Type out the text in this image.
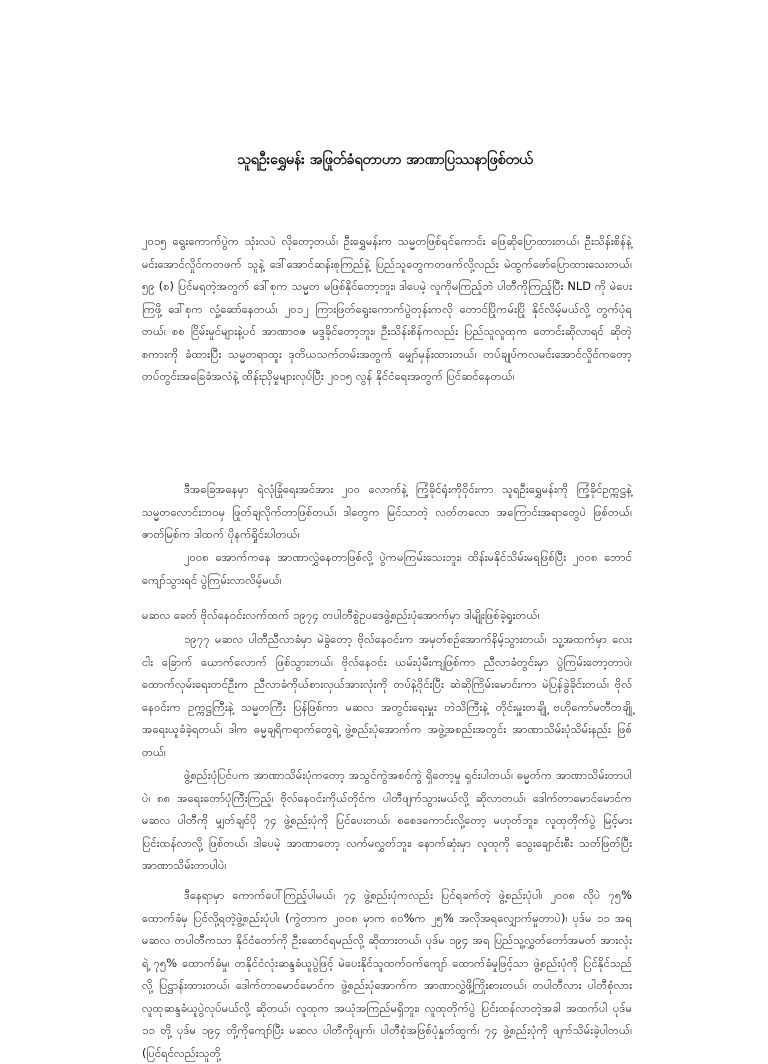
သူရဦးရွှေမန်း အဖြုတ်ခံရတာဟာ အာဏာပြဿနာဖြစ်တယ်

၂၀၁၅ ရွေးကောက်ပွဲက သုံးလပဲ လိုတော့တယ်၊ ဦးရွှေမန်းက သမ္မတဖြစ်ရင်ကောင်း ဖြေဆိုပြောထားတယ်၊ ဦးသိန်းစိန်နဲ့ မင်းအောင်လှိုင်ကတဖက် သူနဲ့ ဒေါ်အောင်ဆန်းစုကြည်နဲ့ ပြည်သူတွေကတဖက်လို့လည်း မဲထွက်ဖော်ပြောထားသေးတယ်၊ ၅၉ (စ) ပြင်မရတဲ့အတွက် ဒေါ်စုက သမ္မတ မဖြစ်နိုင်တော့ဘူး၊ ဒါပေမဲ့ လူကိုမကြည့်ဘဲ ပါတီကိုကြည့်ပြီး NLD ကို မဲပေးကြဖို့ ဒေါ်စုက လှုံ့ဆော်နေတယ်၊ ၂၀၁၂ ကြားဖြတ်ရွေးကောက်ပွဲတုန်းကလို တောင်ပြိုကမ်းပြို နိုင်လိမ့်မယ်လို့ တွက်ပုံရတယ်၊ စစ ငြိမ်းမှုင်များနဲ့ပင် အာဏာဝဇ မဒ္ဒခိုင်တော့ဘူး၊ ဦးသိန်းစိန်ကလည်း ပြည်သူလူထုက တောင်းဆိုလာရင် ဆိုတဲ့စကားကို ခံထားပြီး သမ္မတရာထူး ဒုတိယသက်တမ်းအတွက် မျှော်မှန်းထားတယ်၊ တပ်ချုပ်ကလမင်းအောင်လှိုင်ကတော့ တပ်တွင်းအခြေခံအလံနဲ့ ထိန်းညှိမှုများလုပ်ပြီး ၂၀၁၅ လွန် နိုင်ငံရေးအတွက် ပြင်ဆင်နေတယ်၊

ဒီအခြေအနေမှာ ရဲလုံခြုံရေးအင်အား ၂၀၀ လောက်နဲ့ ကြံ့ခိုင်ရုံးကိုဝိုင်းကာ သူရဦးရွှေမန်းကို ကြံ့ခိုင်ဥက္ကဋ္ဌနဲ့ သမ္မတလောင်းဘဝမှ ဖြုတ်ချလိုက်တာဖြစ်တယ်၊ ဒါတွေက မြင်သာတဲ့ လတ်တလော အကြောင်းအရာတွေပဲ ဖြစ်တယ်၊ ဇာတ်မြစ်က ဒါထက် ပိုနက်ရှိုင်းပါတယ်၊

၂၀၀၈ အောက်ကနေ အာဏာလွှဲနေတာဖြစ်လို့ ပွဲကမကြမ်းသေးဘူး၊ ထိန်းမနိုင်သိမ်းမရဖြစ်ပြီး ၂၀၀၈ ဘောင်ကျော်သွားရင် ပွဲကြမ်းလာလိမ့်မယ်၊

မဆလ ခေတ် ဗိုလ်နေဝင်းလက်ထက် ၁၉၇၄ တပါတီစွဲဥပဒေဖွဲ့စည်းပုံအောက်မှာ ဒါမျိုးဖြစ်ခဲ့ရှုးတယ်၊

၁၉၇၇ မဆလ ပါတီညီလာခံမှာ မဲခွဲတော့ ဗိုလ်နေဝင်းက အမှတ်စဉ်အောက်နိမ့်သွားတယ်၊ သူ့အထက်မှာ လေး ငါး ခြောက် ယောက်လောက် ဖြစ်သွားတယ်၊ ဗိုလ်နေဝင်း ယမ်းပုံမီးကျဖြစ်ကာ ညီလာခံတွင်းမှာ ပွဲကြမ်းတော့တာပဲ၊ ထောက်လှမ်းရေးတင်ဦးက ညီလာခံကိုယ်စားလှယ်အားလုံးကို တပ်နဲ့ဝိုင်းပြီး ဆဲဆိုကြိမ်းမောင်းကာ မဲပြန်ခွဲခိုင်းတယ်၊ ဗိုလ်နေဝင်းက ဥက္ကဋ္ဌကြီးနဲ့ သမ္မတကြီး ပြန်ဖြစ်ကာ မဆလ အတွင်းရေးမှူး တဲသိကြီးနဲ့ တိုင်းမှူးတချို့ ဗဟိုကော်မတီတချို့ အရေးယူခံခဲ့ရတယ်၊ ဒါက ဓမ္မချရိကရာက်တွေရဲ့ ဖွဲ့စည်းပုံအောက်က အဖွဲ့အစည်းအတွင်း အာဏာသိမ်းပုံသိမ်းနည်း ဖြစ်တယ်၊

ဖွဲ့စည်းပုံပြင်ပက အာဏာသိမ်းပုံကတော့ အသွင်ကွဲအစင်ကွဲ ရှိတော့မှု ရှင်းပါတယ်၊ ဓမ္မတ်က အာဏာသိမ်းတာပါပဲ၊ ၈၈ အရေးတော်ပုံကြီးကြည့်၊ ဗိုလ်နေဝင်းကိုယ်တိုင်က ပါတီဖျက်သွားမယ်လို့ ဆိုလာတယ်၊ ဒေါက်တာမောင်မောင်က မဆလ ပါတီကို မျှတ်ချင်ပို ၇၄ ဖွဲ့စည်းပုံကို ပြင်ပေးတယ်၊ စစေဒကောင်းလို့တော့ မဟုတ်ဘူး၊ လူထုတိုက်ပွဲ မြင့်မားပြင်းထန်လာလို့ ဖြစ်တယ်၊ ဒါပေမဲ့ အာဏာတော့ လက်မလွှတ်ဘူး၊ နောက်ဆုံးမှာ လူထုကို သွေးချောင်းစီး သတ်ဖြတ်ပြီး အာဏာသိမ်းတာပါပဲ၊

ဒီနေရာမှာ ကောက်ပေါ်ကြည့်ပါမယ်၊ ၇၄ ဖွဲ့စည်းပုံကလည်း ပြင်ရခက်တဲ့ ဖွဲ့စည်းပုံပါ၊ ၂၀၀၈ လိုပဲ ၇၅% ထောက်ခံမှ ပြင်လို့ရတဲ့ဖွဲ့စည်းပုံပါ၊ (ကွဲတာက ၂၀၀၈ မှာက ၈ဝ%က ၂၅% အလိုအရလျှောက်မှုတာပဲ)၊ ပုဒ်မ ၁၁ အရ မဆလ တပါတီကသာ နိုင်ငံတော်ကို ဦးဆောင်ရမည်လို့ ဆိုထားတယ်၊ ပုဒ်မ ၁၉၄ အရ ပြည်သူ့လွှတ်တော်အမတ် အားလုံးရဲ့ ၇၅% ထောက်ခံမှု၊ တနိုင်ငံလုံးဆန္ဒခံယူပွဲဖြင့် မဲပေးနိုင်သူထက်ဝက်ကျော် ထောက်ခံမှုဖြင့်သာ ဖွဲ့စည်းပုံကို ပြင်နိုင်သည်လို့ ပြဋ္ဌာန်းထားတယ်၊ ဒေါက်တာမောင်မောင်က ဖွဲ့စည်းပုံအောက်က အာဏာလွှဲဖို့ကြိုးစားတယ်၊ တပါတီလား ပါတီစုံလား လူထုဆန္ဒခံယူပွဲလုပ်မယ်လို့ ဆိုတယ်၊ လူထုက အယုံအကြည်မရှိဘူး၊ လူထုတိုက်ပွဲ ပြင်းထန်လာတဲ့အခါ အထက်ပါ ပုဒ်မ ၁၁ တို့ ပုဒ်မ ၁၉၄ တို့ကိုကျော်ပြီး မဆလ ပါတီကိုဖျက်၊ ပါတီစုံအဖြစ်ပုံနှုတ်ထွက်၊ ၇၄ ဖွဲ့စည်းပုံကို ဖျက်သိမ်းခဲ့ပါတယ်၊ (ပြင်ရင်လည်းသူတို့
